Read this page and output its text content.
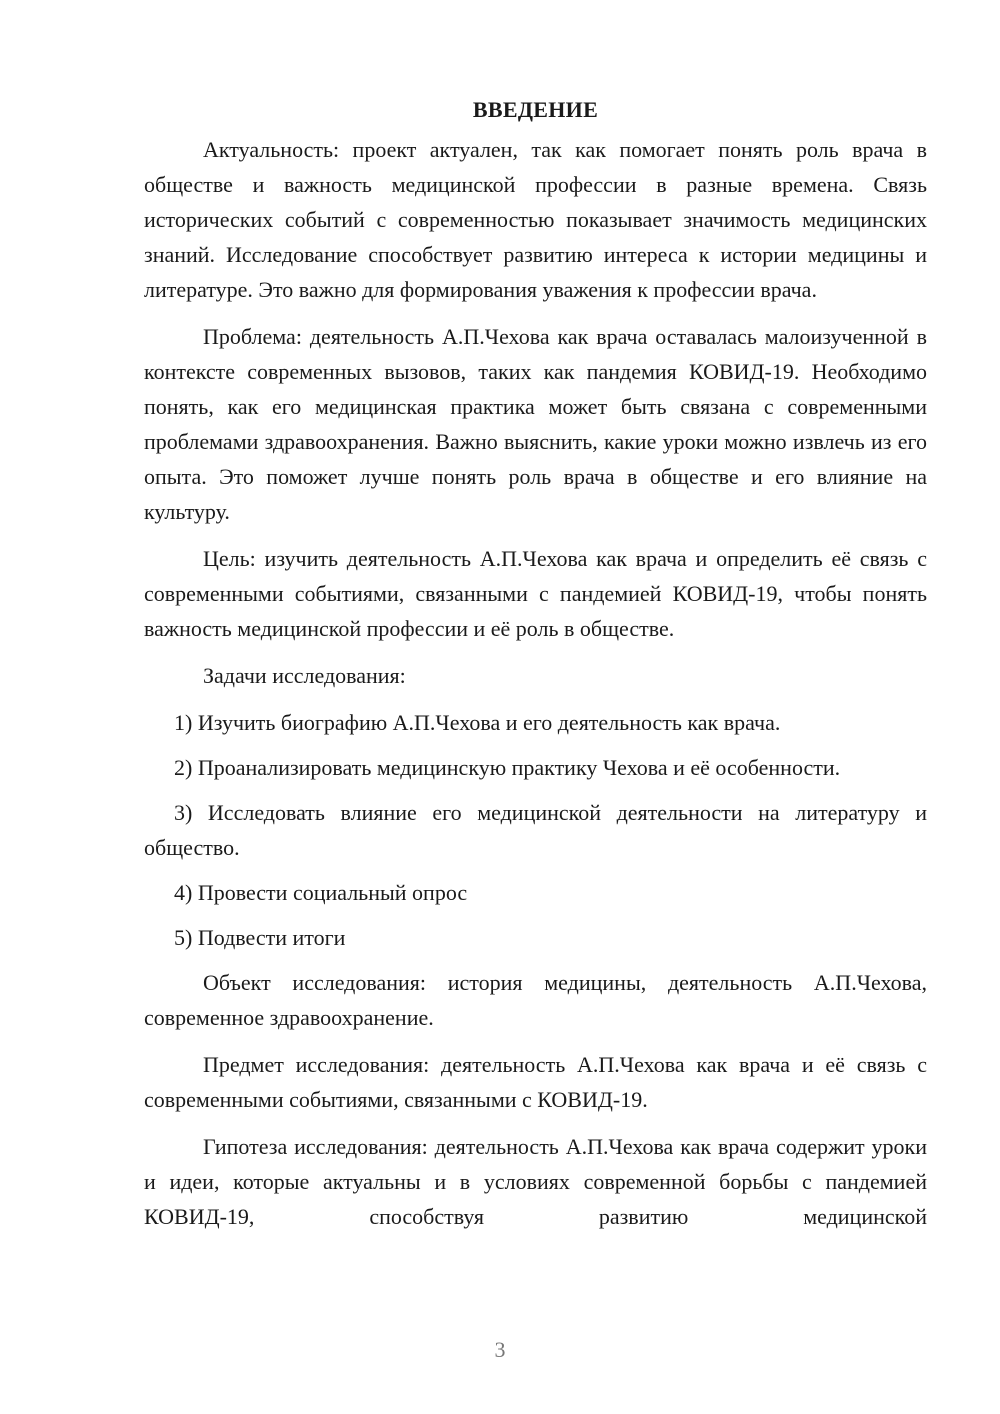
ВВЕДЕНИЕ

Актуальность: проект актуален, так как помогает понять роль врача в обществе и важность медицинской профессии в разные времена. Связь исторических событий с современностью показывает значимость медицинских знаний. Исследование способствует развитию интереса к истории медицины и литературе. Это важно для формирования уважения к профессии врача.

Проблема: деятельность А.П.Чехова как врача оставалась малоизученной в контексте современных вызовов, таких как пандемия КОВИД-19. Необходимо понять, как его медицинская практика может быть связана с современными проблемами здравоохранения. Важно выяснить, какие уроки можно извлечь из его опыта. Это поможет лучше понять роль врача в обществе и его влияние на культуру.

Цель: изучить деятельность А.П.Чехова как врача и определить её связь с современными событиями, связанными с пандемией КОВИД-19, чтобы понять важность медицинской профессии и её роль в обществе.

Задачи исследования:

1) Изучить биографию А.П.Чехова и его деятельность как врача.

2) Проанализировать медицинскую практику Чехова и её особенности.

3) Исследовать влияние его медицинской деятельности на литературу и общество.

4) Провести социальный опрос

5) Подвести итоги

Объект исследования: история медицины, деятельность А.П.Чехова, современное здравоохранение.

Предмет исследования: деятельность А.П.Чехова как врача и её связь с современными событиями, связанными с КОВИД-19.

Гипотеза исследования: деятельность А.П.Чехова как врача содержит уроки и идеи, которые актуальны и в условиях современной борьбы с пандемией КОВИД-19, способствуя развитию медицинской

3
